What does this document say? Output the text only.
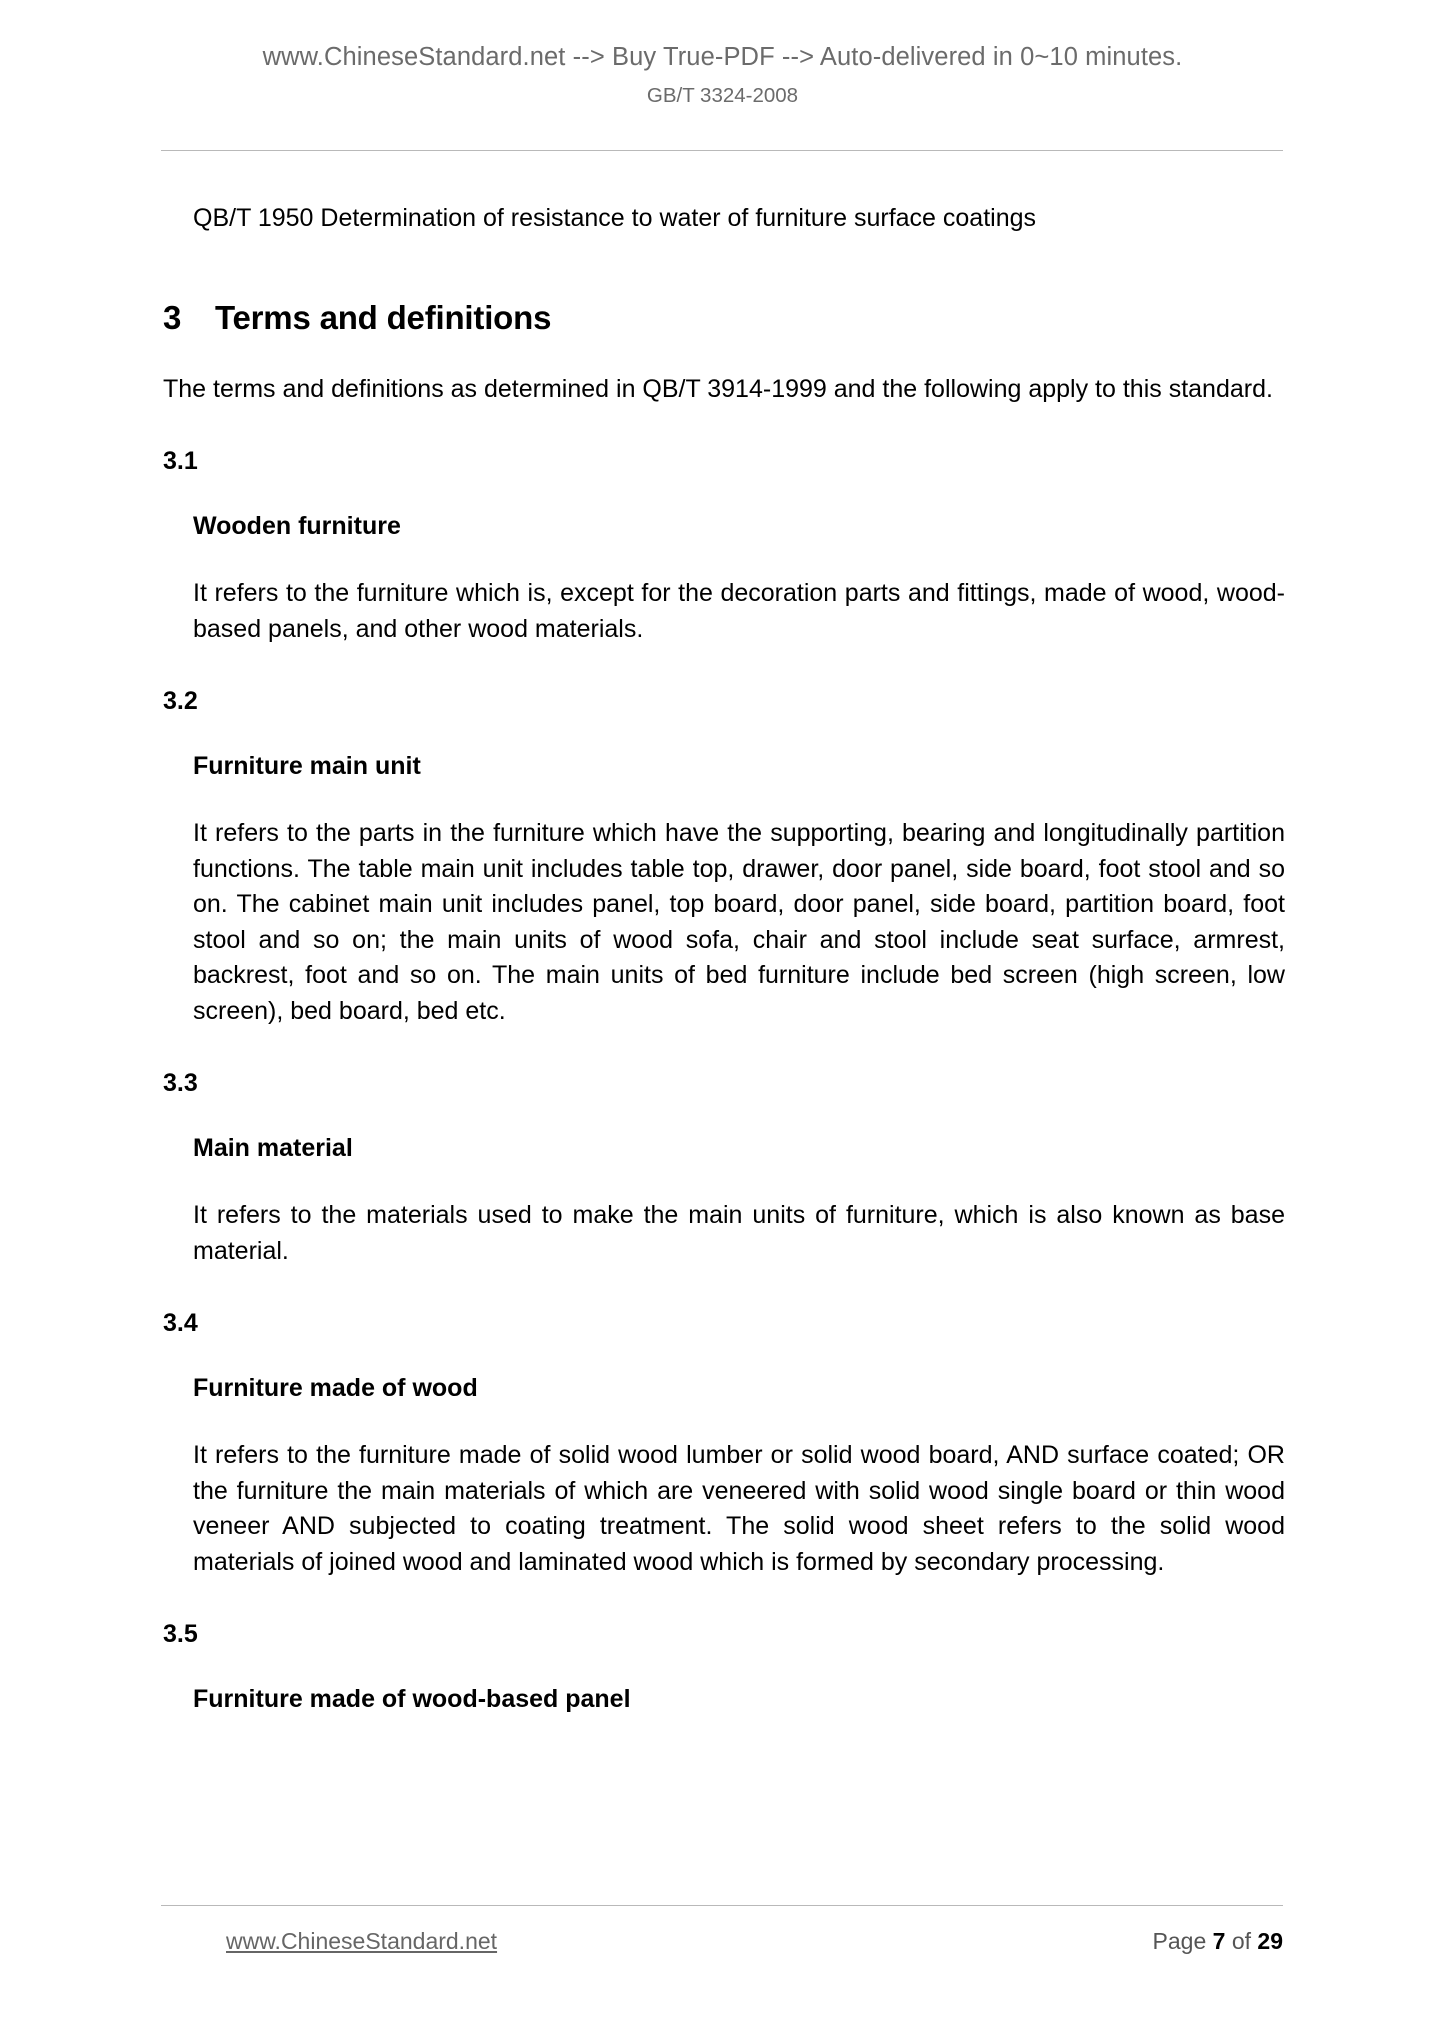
www.ChineseStandard.net --> Buy True-PDF --> Auto-delivered in 0~10 minutes.
GB/T 3324-2008

QB/T 1950 Determination of resistance to water of furniture surface coatings

3 Terms and definitions

The terms and definitions as determined in QB/T 3914-1999 and the following apply to this standard.

3.1
Wooden furniture

It refers to the furniture which is, except for the decoration parts and fittings, made of wood, wood-based panels, and other wood materials.

3.2
Furniture main unit

It refers to the parts in the furniture which have the supporting, bearing and longitudinally partition functions. The table main unit includes table top, drawer, door panel, side board, foot stool and so on. The cabinet main unit includes panel, top board, door panel, side board, partition board, foot stool and so on; the main units of wood sofa, chair and stool include seat surface, armrest, backrest, foot and so on. The main units of bed furniture include bed screen (high screen, low screen), bed board, bed etc.

3.3
Main material

It refers to the materials used to make the main units of furniture, which is also known as base material.

3.4
Furniture made of wood

It refers to the furniture made of solid wood lumber or solid wood board, AND surface coated; OR the furniture the main materials of which are veneered with solid wood single board or thin wood veneer AND subjected to coating treatment. The solid wood sheet refers to the solid wood materials of joined wood and laminated wood which is formed by secondary processing.

3.5
Furniture made of wood-based panel
www.ChineseStandard.net	Page 7 of 29
